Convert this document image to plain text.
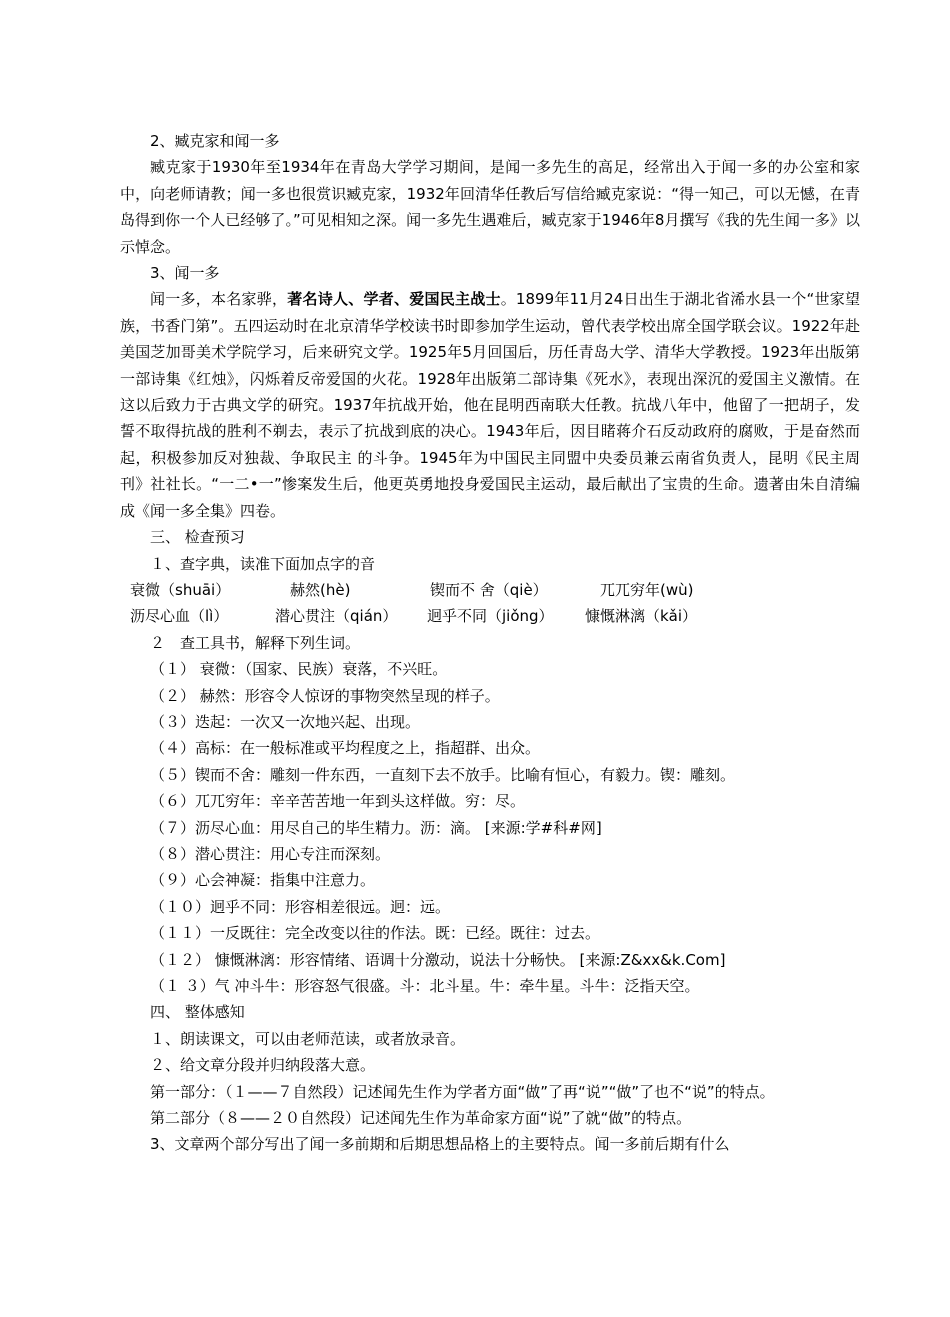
2、臧克家和闻一多

臧克家于1930年至1934年在青岛大学学习期间，是闻一多先生的高足，经常出入于闻一多的办公室和家中，向老师请教；闻一多也很赏识臧克家，1932年回清华任教后写信给臧克家说：“得一知己，可以无憾，在青岛得到你一个人已经够了。”可见相知之深。闻一多先生遇难后，臧克家于1946年8月撰写《我的先生闻一多》以示悼念。

3、闻一多

闻一多，本名家骅，著名诗人、学者、爱国民主战士。1899年11月24日出生于湖北省浠水县一个“世家望族，书香门第”。五四运动时在北京清华学校读书时即参加学生运动，曾代表学校出席全国学联会议。1922年赴美国芝加哥美术学院学习，后来研究文学。1925年5月回国后，历任青岛大学、清华大学教授。1923年出版第一部诗集《红烛》，闪烁着反帝爱国的火花。1928年出版第二部诗集《死水》，表现出深沉的爱国主义激情。在这以后致力于古典文学的研究。1937年抗战开始，他在昆明西南联大任教。抗战八年中，他留了一把胡子，发誓不取得抗战的胜利不剃去，表示了抗战到底的决心。1943年后，因目睹蒋介石反动政府的腐败，于是奋然而起，积极参加反对独裁、争取民主 的斗争。1945年为中国民主同盟中央委员兼云南省负责人，昆明《民主周刊》社社长。“一二•一”惨案发生后，他更英勇地投身爱国民主运动，最后献出了宝贵的生命。遗著由朱自清编成《闻一多全集》四卷。

三、 检查预习

１、查字典，读准下面加点字的音

衰微（shuāi）	赫然(hè)	锲而不 舍（qiè）	兀兀穷年(wù)

沥尽心血（lì）	潜心贯注（qián） 迥乎不同（jiǒng） 慷慨淋漓（kǎi）

２　查工具书，解释下列生词。

（１） 衰微：（国家、民族）衰落，不兴旺。

（２） 赫然：形容令人惊讶的事物突然呈现的样子。

（３）迭起：一次又一次地兴起、出现。

（４）高标：在一般标准或平均程度之上，指超群、出众。

（５）锲而不舍：雕刻一件东西，一直刻下去不放手。比喻有恒心，有毅力。锲：雕刻。

（６）兀兀穷年：辛辛苦苦地一年到头这样做。穷：尽。

（７）沥尽心血：用尽自己的毕生精力。沥：滴。 [来源:学#科#网]

（８）潜心贯注：用心专注而深刻。

（９）心会神凝：指集中注意力。

（１０）迥乎不同：形容相差很远。迥：远。

（１１）一反既往：完全改变以往的作法。既：已经。既往：过去。

（１２） 慷慨淋漓：形容情绪、语调十分激动，说法十分畅快。 [来源:Z&xx&k.Com]

（１ ３）气 冲斗牛：形容怒气很盛。斗：北斗星。牛：牵牛星。斗牛：泛指天空。

四、 整体感知

１、朗读课文，可以由老师范读，或者放录音。

２、给文章分段并归纳段落大意。

第一部分：（１——７自然段）记述闻先生作为学者方面“做”了再“说”“做”了也不“说”的特点。

第二部分（８——２０自然段）记述闻先生作为革命家方面“说”了就“做”的特点。

3、文章两个部分写出了闻一多前期和后期思想品格上的主要特点。闻一多前后期有什么
